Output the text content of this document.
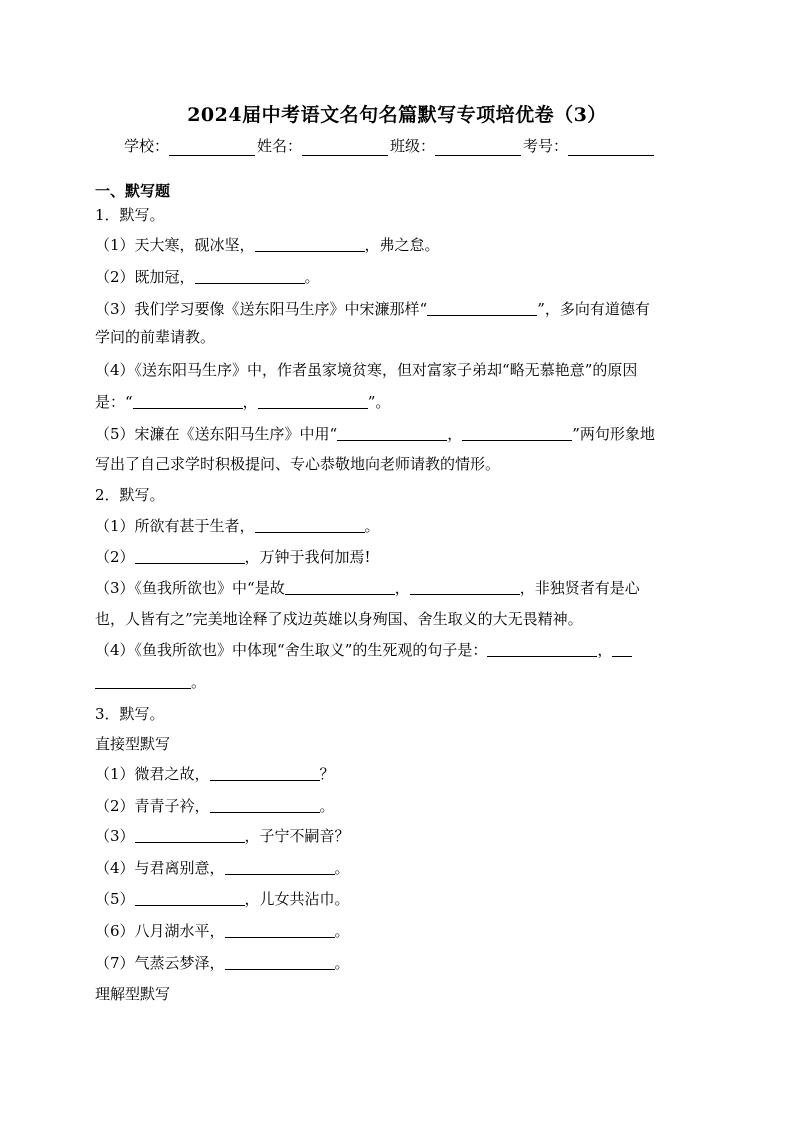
2024届中考语文名句名篇默写专项培优卷（3）
学校：	姓名：	班级：	考号：
一、默写题
1．默写。
（1）天大寒，砚冰坚，	，弗之怠。
（2）既加冠，	。
（3）我们学习要像《送东阳马生序》中宋濂那样“	”，多向有道德有
学问的前辈请教。
（4）《送东阳马生序》中，作者虽家境贫寒，但对富家子弟却“略无慕艳意”的原因
是：“	，	”。
（5）宋濂在《送东阳马生序》中用“	，	”两句形象地
写出了自己求学时积极提问、专心恭敬地向老师请教的情形。
2．默写。
（1）所欲有甚于生者，	。
（2）	，万钟于我何加焉!
（3）《鱼我所欲也》中“是故	，	，非独贤者有是心
也，人皆有之”完美地诠释了戍边英雄以身殉国、舍生取义的大无畏精神。
（4）《鱼我所欲也》中体现“舍生取义”的生死观的句子是：	，
。
3．默写。
直接型默写
（1）微君之故，	？
（2）青青子衿，	。
（3）	，子宁不嗣音？
（4）与君离别意，	。
（5）	，儿女共沾巾。
（6）八月湖水平，	。
（7）气蒸云梦泽，	。
理解型默写
